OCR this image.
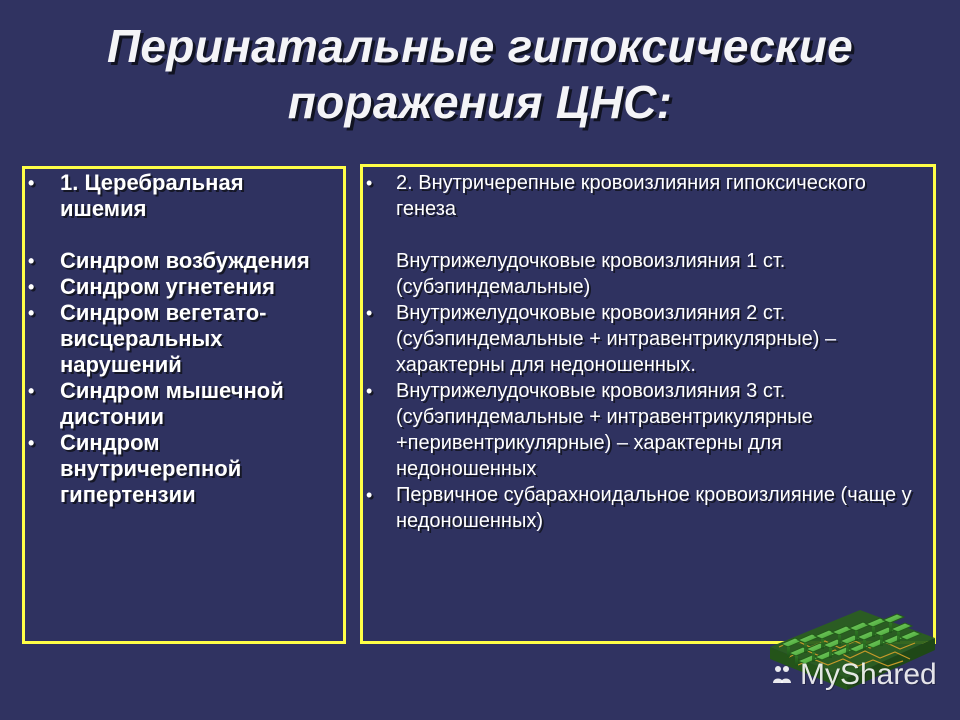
Перинатальные гипоксические
поражения ЦНС:
•	1. Церебральная ишемия
•	Синдром возбуждения
•	Синдром угнетения
•	Синдром вегетато-висцеральных нарушений
•	Синдром мышечной дистонии
•	Синдром внутричерепной гипертензии
•	2. Внутричерепные кровоизлияния гипоксического генеза
Внутрижелудочковые кровоизлияния 1 ст. (субэпиндемальные)
•	Внутрижелудочковые кровоизлияния 2 ст. (субэпиндемальные + интравентрикулярные) – характерны для недоношенных.
•	Внутрижелудочковые кровоизлияния 3 ст. (субэпиндемальные + интравентрикулярные +перивентрикулярные) – характерны для недоношенных
•	Первичное субарахноидальное кровоизлияние (чаще у недоношенных)
MyShared
